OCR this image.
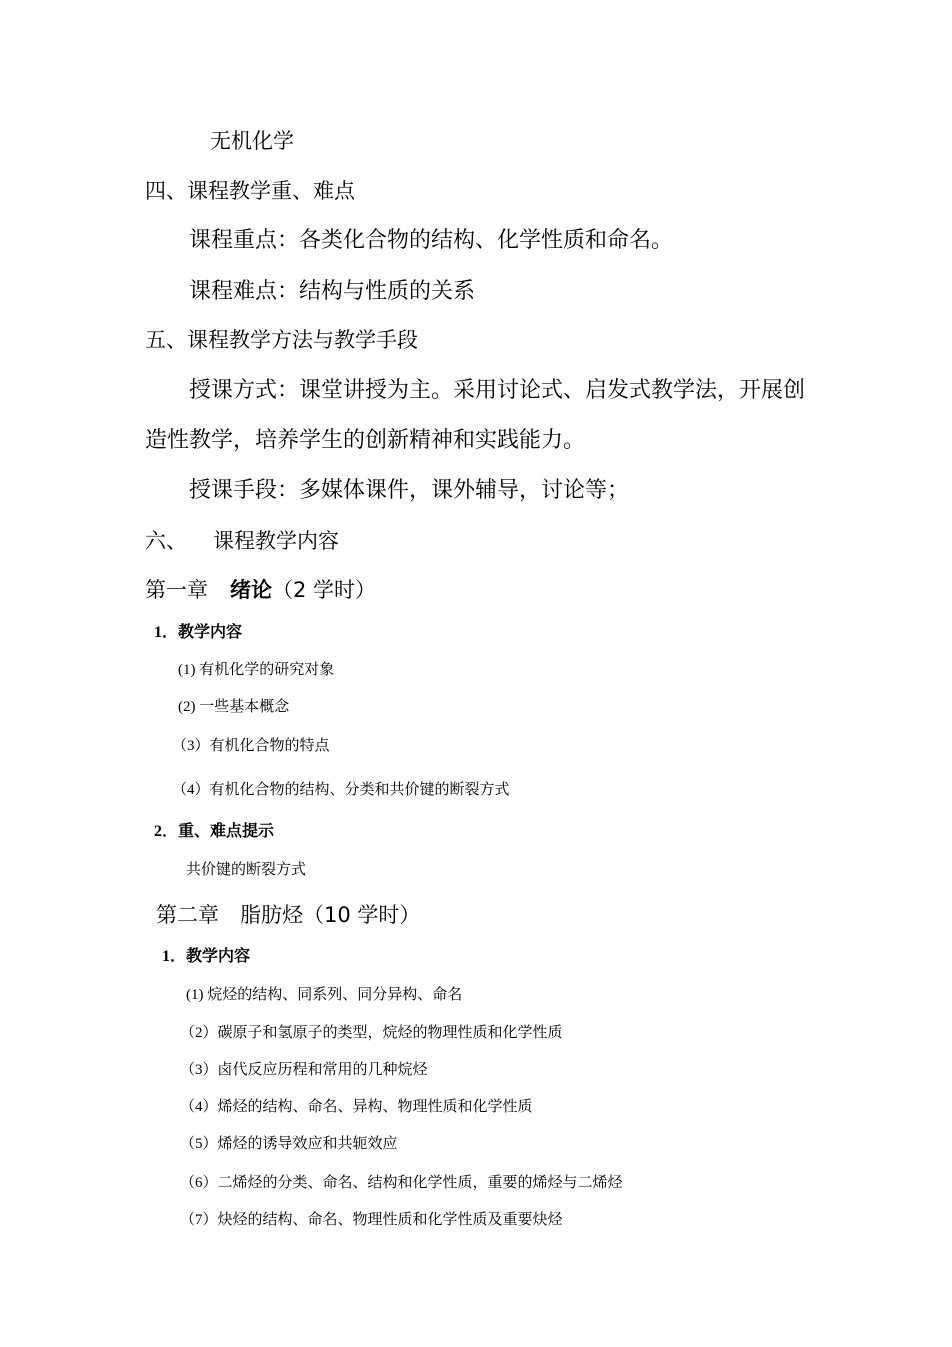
无机化学
四、课程教学重、难点
课程重点：各类化合物的结构、化学性质和命名。
课程难点：结构与性质的关系
五、课程教学方法与教学手段
授课方式：课堂讲授为主。采用讨论式、启发式教学法，开展创
造性教学，培养学生的创新精神和实践能力。
授课手段：多媒体课件，课外辅导，讨论等；
六、 课程教学内容
第一章 绪论（2 学时）
1．教学内容
(1) 有机化学的研究对象
(2) 一些基本概念
（3）有机化合物的特点
（4）有机化合物的结构、分类和共价键的断裂方式
2．重、难点提示
共价键的断裂方式
第二章　脂肪烃（10 学时）
1．教学内容
(1) 烷烃的结构、同系列、同分异构、命名
（2）碳原子和氢原子的类型，烷烃的物理性质和化学性质
（3）卤代反应历程和常用的几种烷烃
（4）烯烃的结构、命名、异构、物理性质和化学性质
（5）烯烃的诱导效应和共轭效应
（6）二烯烃的分类、命名、结构和化学性质，重要的烯烃与二烯烃
（7）炔烃的结构、命名、物理性质和化学性质及重要炔烃
